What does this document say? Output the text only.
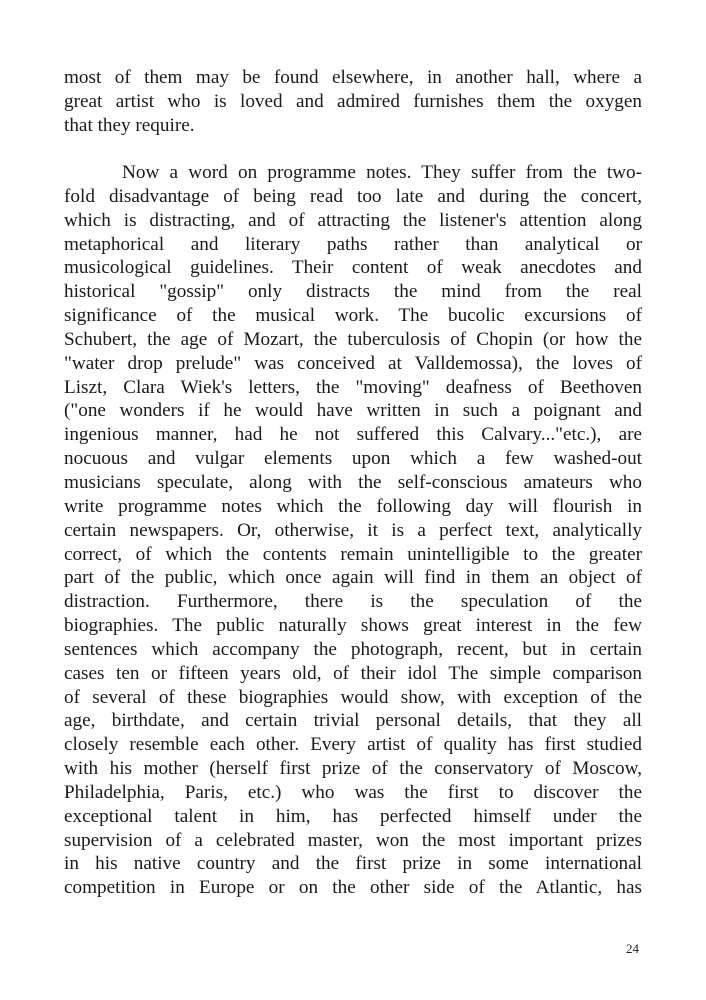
most of them may be found elsewhere, in another hall, where a
great artist who is loved and admired furnishes them the oxygen
that they require.
Now a word on programme notes. They suffer from the two-
fold disadvantage of being read too late and during the concert,
which is distracting, and of attracting the listener's attention along
metaphorical and literary paths rather than analytical or
musicological guidelines. Their content of weak anecdotes and
historical "gossip" only distracts the mind from the real
significance of the musical work. The bucolic excursions of
Schubert, the age of Mozart, the tuberculosis of Chopin (or how the
"water drop prelude" was conceived at Valldemossa), the loves of
Liszt, Clara Wiek's letters, the "moving" deafness of Beethoven
("one wonders if he would have written in such a poignant and
ingenious manner, had he not suffered this Calvary..."etc.), are
nocuous and vulgar elements upon which a few washed-out
musicians speculate, along with the self-conscious amateurs who
write programme notes which the following day will flourish in
certain newspapers. Or, otherwise, it is a perfect text, analytically
correct, of which the contents remain unintelligible to the greater
part of the public, which once again will find in them an object of
distraction. Furthermore, there is the speculation of the
biographies. The public naturally shows great interest in the few
sentences which accompany the photograph, recent, but in certain
cases ten or fifteen years old, of their idol The simple comparison
of several of these biographies would show, with exception of the
age, birthdate, and certain trivial personal details, that they all
closely resemble each other. Every artist of quality has first studied
with his mother (herself first prize of the conservatory of Moscow,
Philadelphia, Paris, etc.) who was the first to discover the
exceptional talent in him, has perfected himself under the
supervision of a celebrated master, won the most important prizes
in his native country and the first prize in some international
competition in Europe or on the other side of the Atlantic, has
24
